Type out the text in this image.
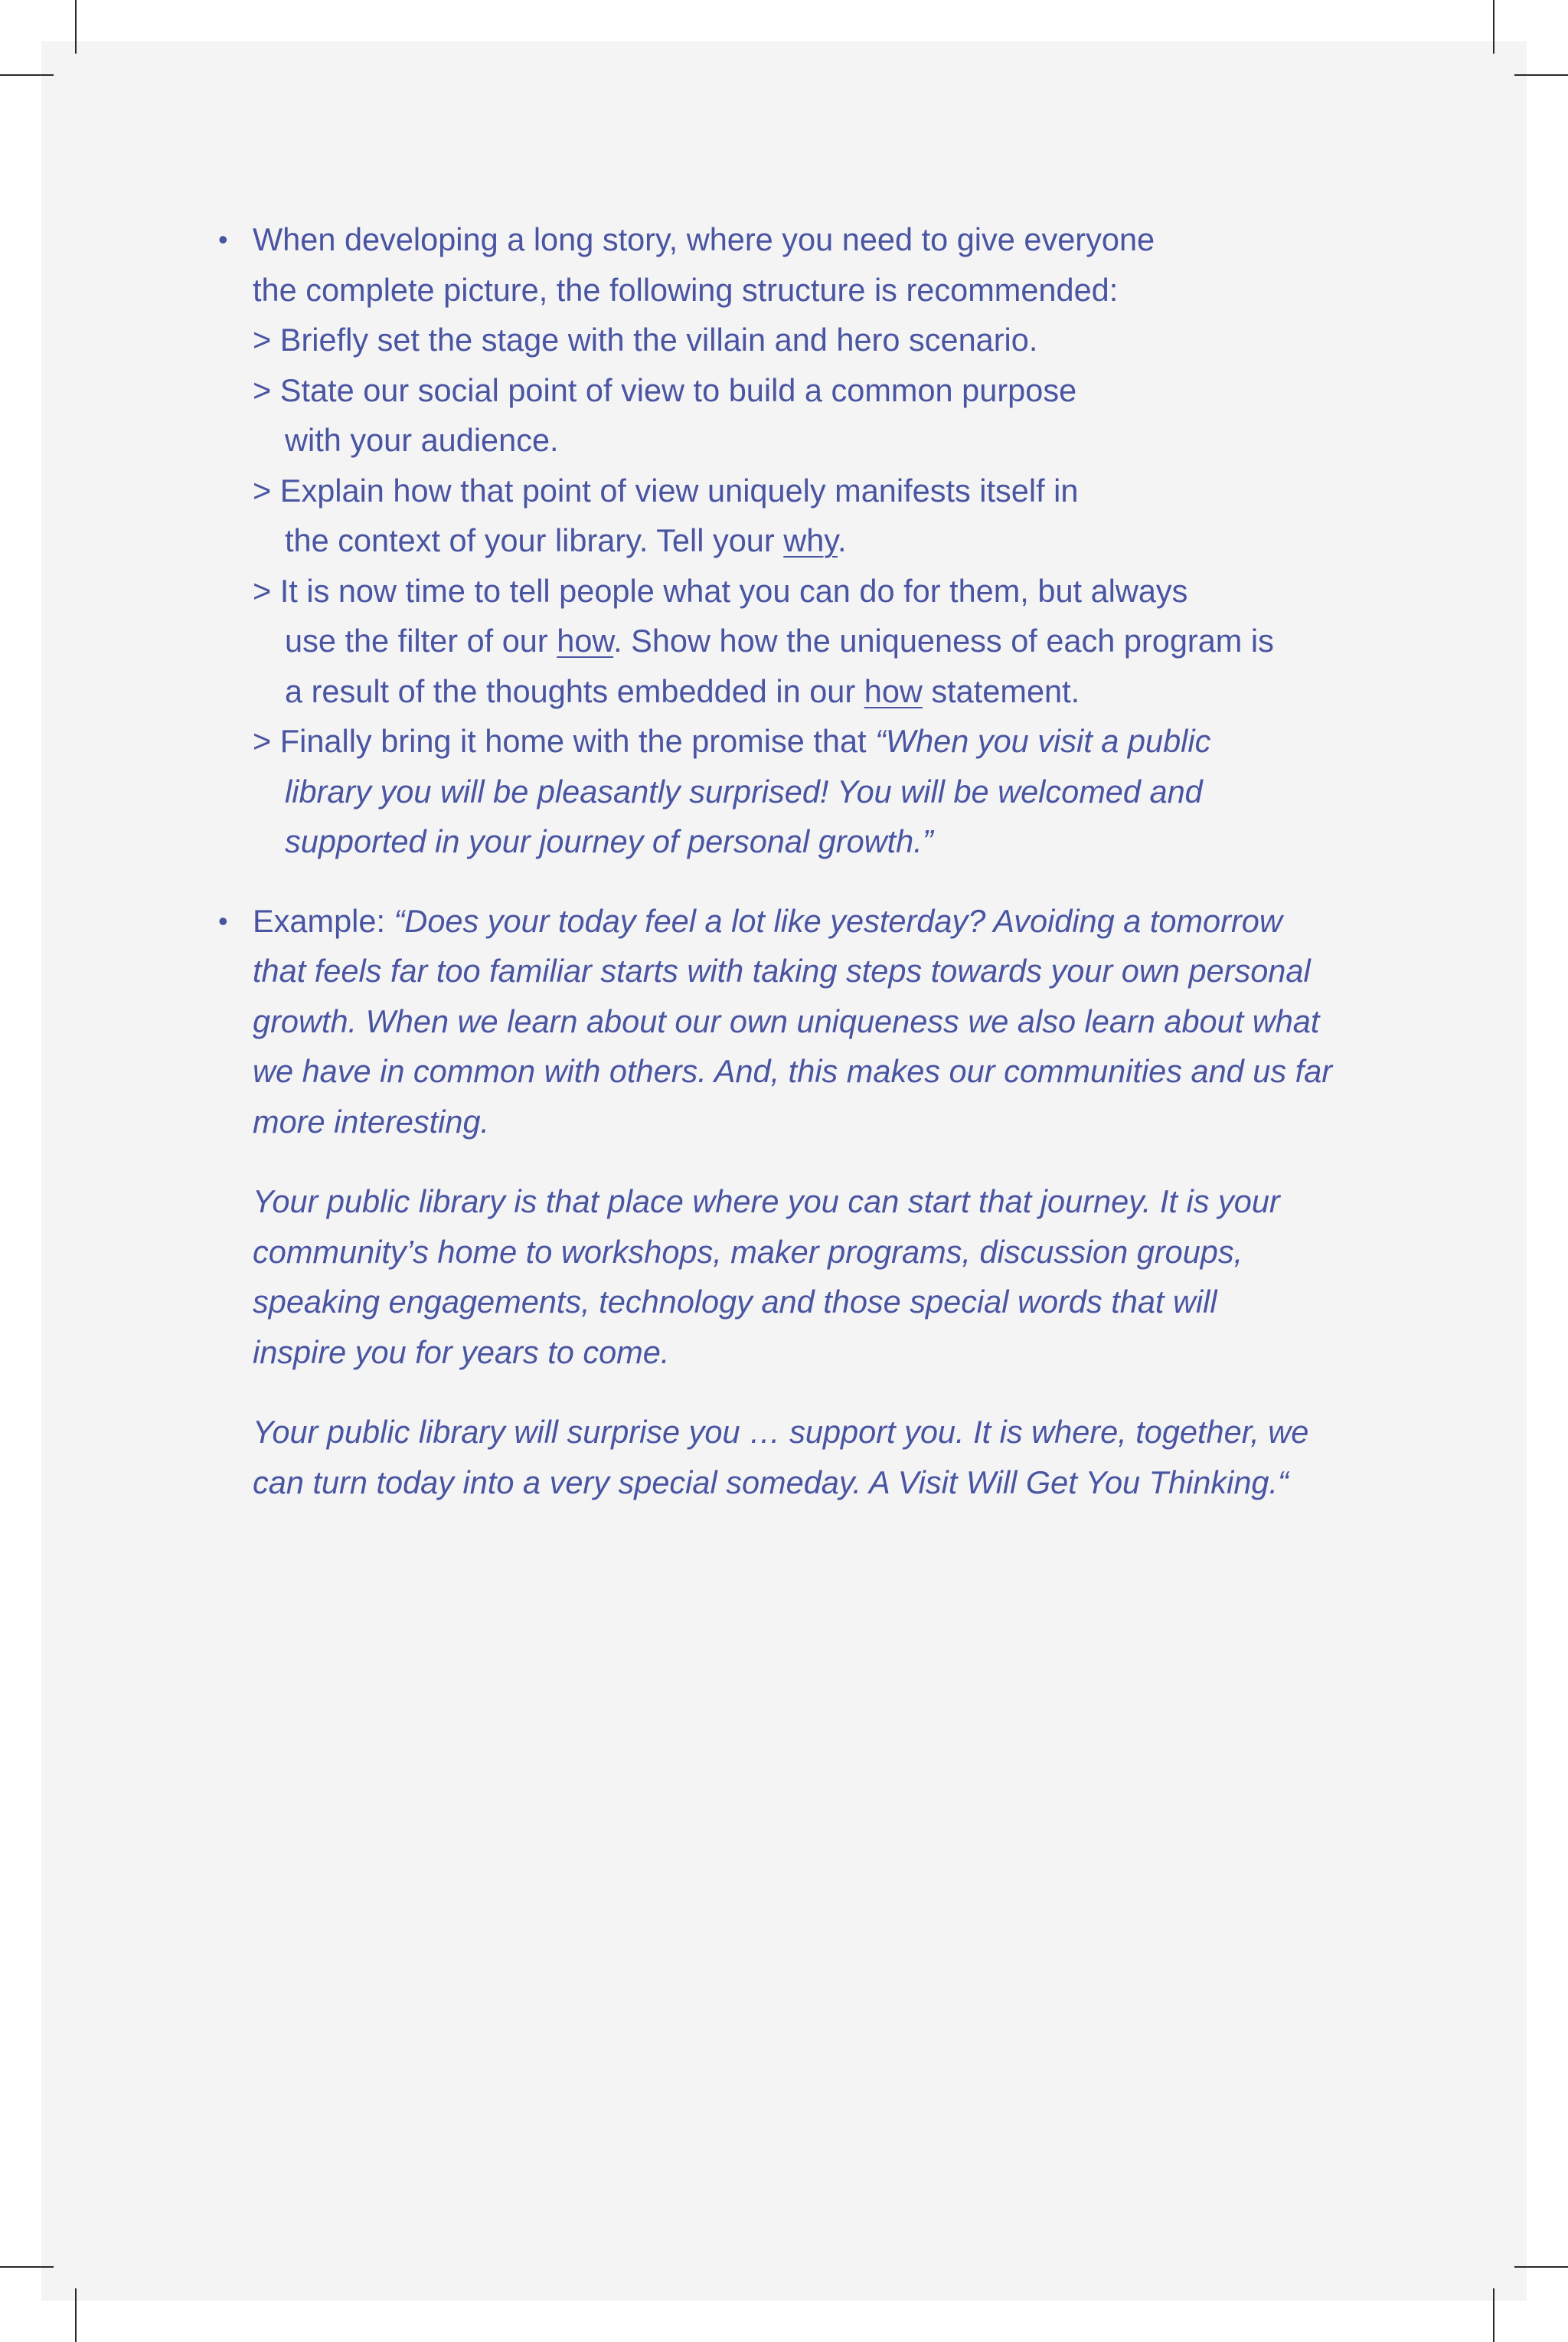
• When developing a long story, where you need to give everyone
the complete picture, the following structure is recommended:
> Briefly set the stage with the villain and hero scenario.
> State our social point of view to build a common purpose
with your audience.
> Explain how that point of view uniquely manifests itself in
the context of your library. Tell your why.
> It is now time to tell people what you can do for them, but always
use the filter of our how. Show how the uniqueness of each program is
a result of the thoughts embedded in our how statement.
> Finally bring it home with the promise that “When you visit a public
library you will be pleasantly surprised! You will be welcomed and
supported in your journey of personal growth.”
• Example: “Does your today feel a lot like yesterday? Avoiding a tomorrow
that feels far too familiar starts with taking steps towards your own personal
growth. When we learn about our own uniqueness we also learn about what
we have in common with others. And, this makes our communities and us far
more interesting.
Your public library is that place where you can start that journey. It is your
community’s home to workshops, maker programs, discussion groups,
speaking engagements, technology and those special words that will
inspire you for years to come.
Your public library will surprise you … support you. It is where, together, we
can turn today into a very special someday. A Visit Will Get You Thinking.“
